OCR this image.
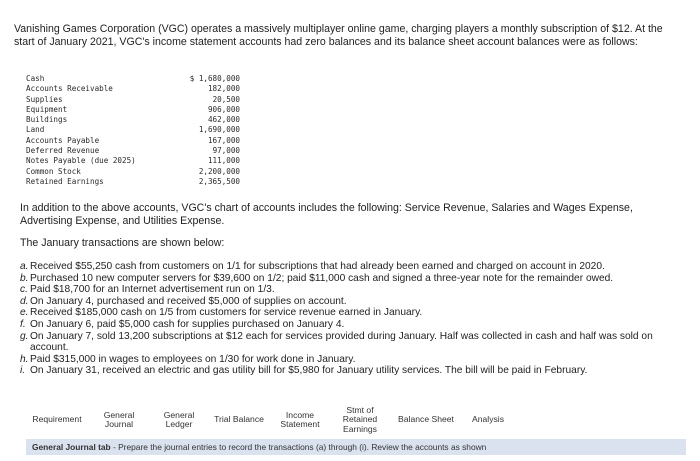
Vanishing Games Corporation (VGC) operates a massively multiplayer online game, charging players a monthly subscription of $12. At the start of January 2021, VGC's income statement accounts had zero balances and its balance sheet account balances were as follows:
Cash	$ 1,680,000
Accounts Receivable	182,000
Supplies	20,500
Equipment	906,000
Buildings	462,000
Land	1,690,000
Accounts Payable	167,000
Deferred Revenue	97,000
Notes Payable (due 2025)	111,000
Common Stock	2,200,000
Retained Earnings	2,365,500
In addition to the above accounts, VGC's chart of accounts includes the following: Service Revenue, Salaries and Wages Expense, Advertising Expense, and Utilities Expense.
The January transactions are shown below:
a. Received $55,250 cash from customers on 1/1 for subscriptions that had already been earned and charged on account in 2020.
b. Purchased 10 new computer servers for $39,600 on 1/2; paid $11,000 cash and signed a three-year note for the remainder owed.
c. Paid $18,700 for an Internet advertisement run on 1/3.
d. On January 4, purchased and received $5,000 of supplies on account.
e. Received $185,000 cash on 1/5 from customers for service revenue earned in January.
f. On January 6, paid $5,000 cash for supplies purchased on January 4.
g. On January 7, sold 13,200 subscriptions at $12 each for services provided during January. Half was collected in cash and half was sold on account.
h. Paid $315,000 in wages to employees on 1/30 for work done in January.
i. On January 31, received an electric and gas utility bill for $5,980 for January utility services. The bill will be paid in February.
Requirement	General Journal
General Ledger	Trial Balance	Income Statement
Stmt of Retained Earnings
Balance Sheet	Analysis
General Journal tab - Prepare the journal entries to record the transactions (a) through (i). Review the accounts as shown
